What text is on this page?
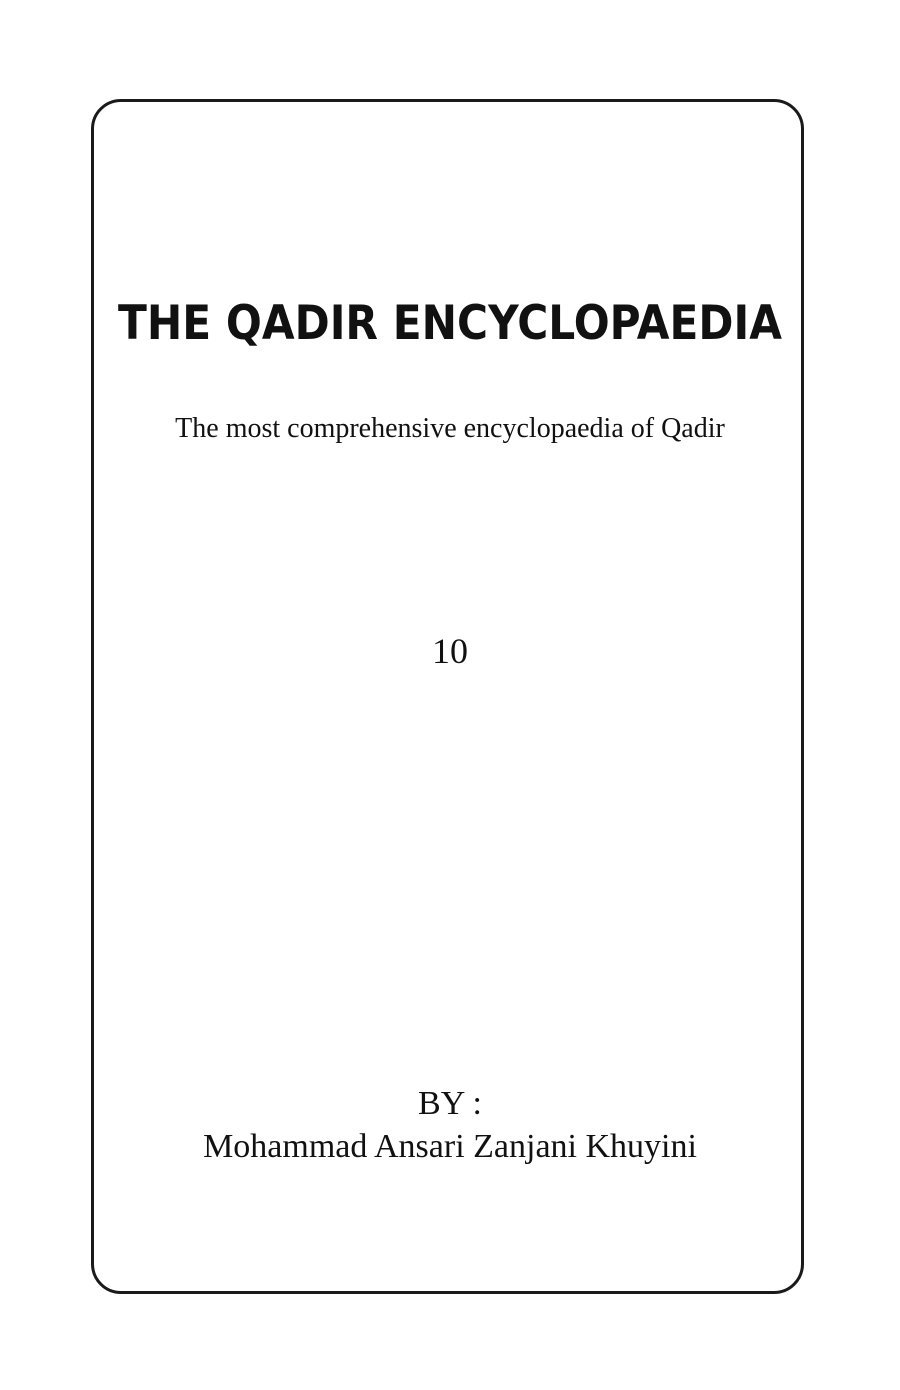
THE QADIR ENCYCLOPAEDIA
The most comprehensive encyclopaedia of Qadir
10
BY :
Mohammad Ansari Zanjani Khuyini
